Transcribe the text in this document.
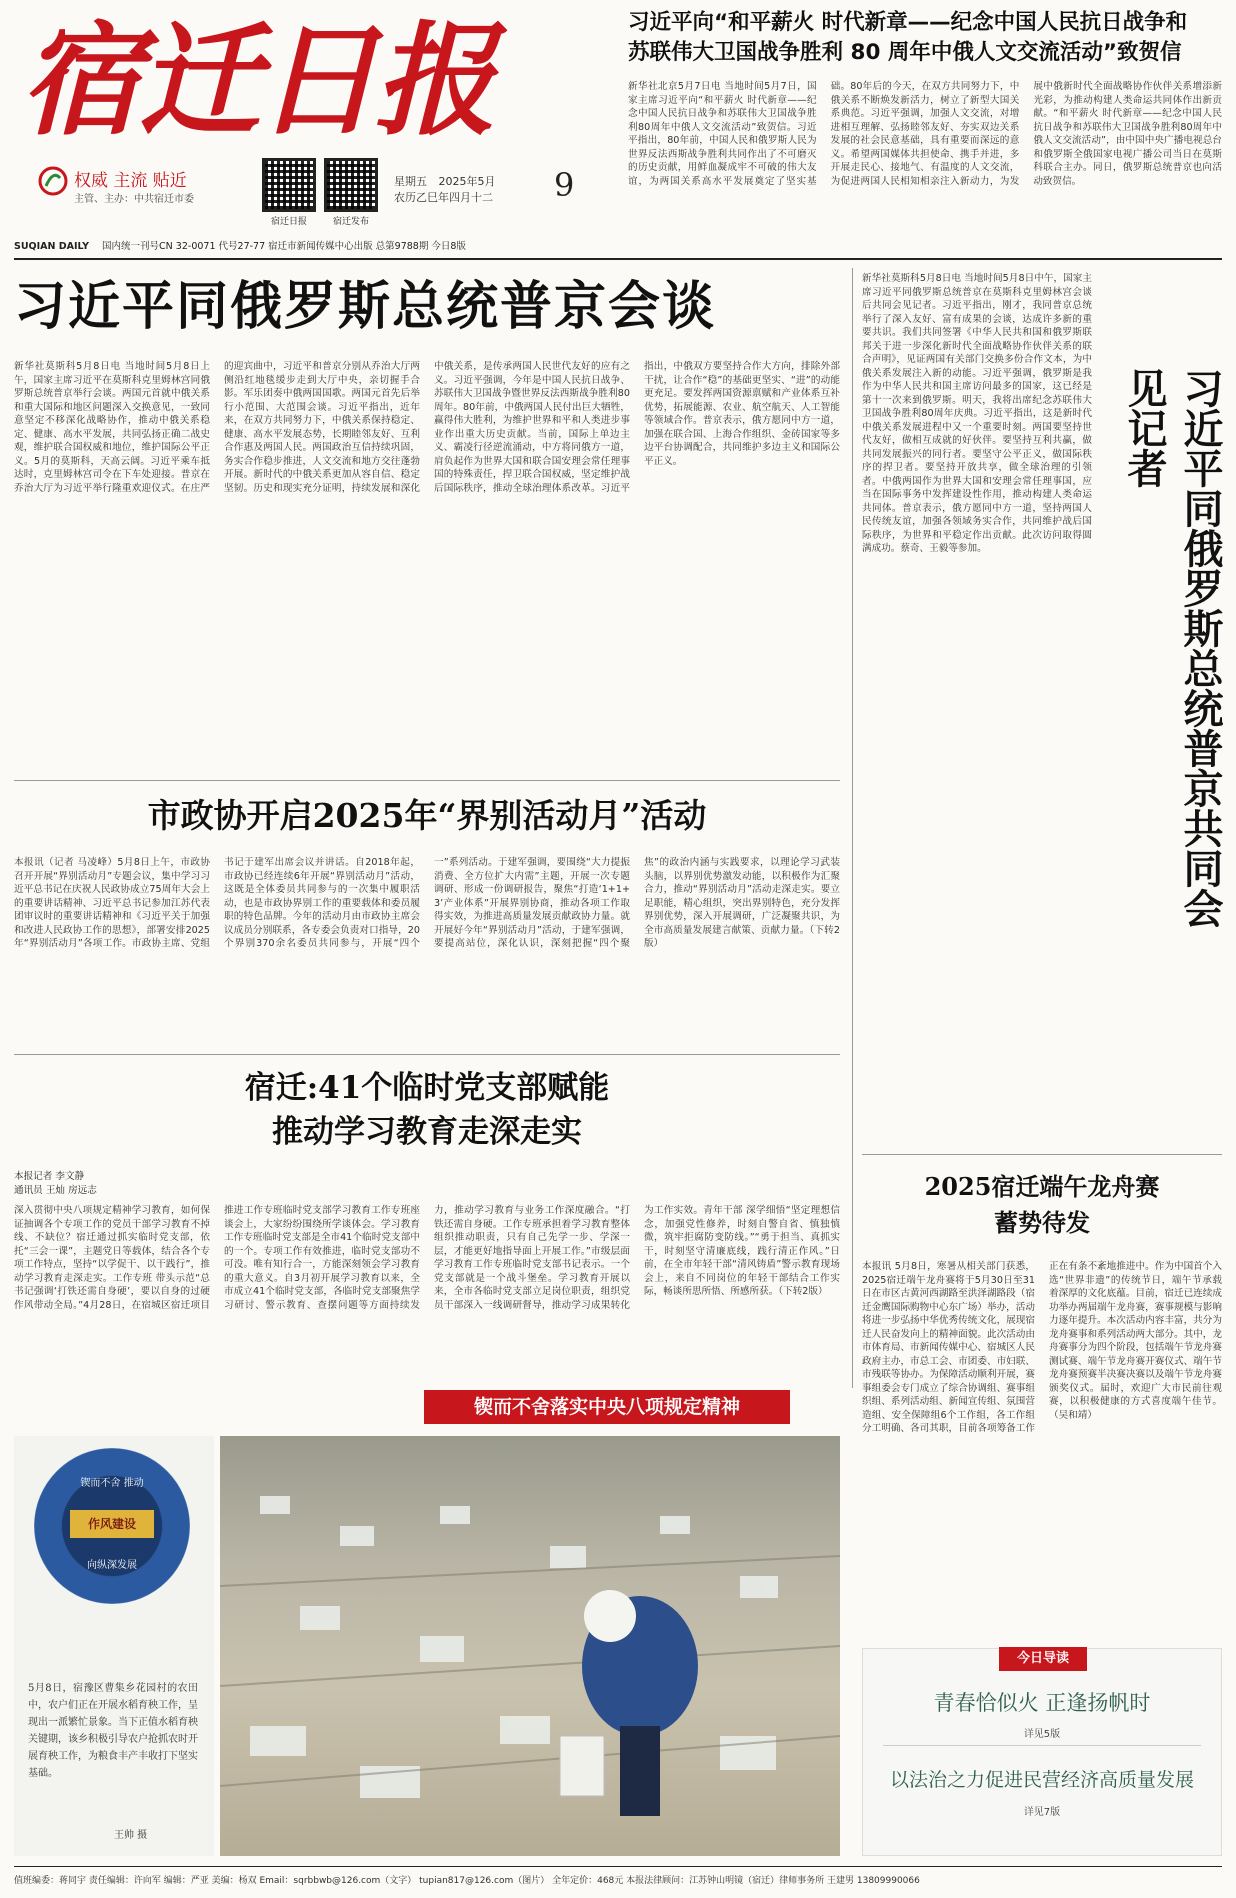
宿迁日报
权威 主流 贴近
主管、主办：中共宿迁市委
宿迁日报	宿迁发布
星期五 2025年5月
农历乙巳年四月十二 9
SUQIAN DAILY 国内统一刊号CN 32-0071 代号27-77 宿迁市新闻传媒中心出版 总第9788期 今日8版
习近平向“和平薪火 时代新章——纪念中国人民抗日战争和
苏联伟大卫国战争胜利 80 周年中俄人文交流活动”致贺信
新华社北京5月7日电 当地时间5月7日，国家主席习近平向“和平薪火 时代新章——纪念中国人民抗日战争和苏联伟大卫国战争胜利80周年中俄人文交流活动”致贺信。习近平指出，80年前，中国人民和俄罗斯人民为世界反法西斯战争胜利共同作出了不可磨灭的历史贡献，用鲜血凝成牢不可破的伟大友谊，为两国关系高水平发展奠定了坚实基础。80年后的今天，在双方共同努力下，中俄关系不断焕发新活力，树立了新型大国关系典范。习近平强调，加强人文交流，对增进相互理解、弘扬睦邻友好、夯实双边关系发展的社会民意基础，具有重要而深远的意义。希望两国媒体共担使命、携手并进，多开展走民心、接地气、有温度的人文交流，为促进两国人民相知相亲注入新动力，为发展中俄新时代全面战略协作伙伴关系增添新光彩，为推动构建人类命运共同体作出新贡献。“和平薪火 时代新章——纪念中国人民抗日战争和苏联伟大卫国战争胜利80周年中俄人文交流活动”，由中国中央广播电视总台和俄罗斯全俄国家电视广播公司当日在莫斯科联合主办。同日，俄罗斯总统普京也向活动致贺信。
习近平同俄罗斯总统普京会谈
新华社莫斯科5月8日电 当地时间5月8日上午，国家主席习近平在莫斯科克里姆林宫同俄罗斯总统普京举行会谈。两国元首就中俄关系和重大国际和地区问题深入交换意见，一致同意坚定不移深化战略协作，推动中俄关系稳定、健康、高水平发展，共同弘扬正确二战史观，维护联合国权威和地位，维护国际公平正义。5月的莫斯科，天高云阔。习近平乘车抵达时，克里姆林宫司令在下车处迎接。普京在乔治大厅为习近平举行隆重欢迎仪式。在庄严的迎宾曲中，习近平和普京分别从乔治大厅两侧沿红地毯缓步走到大厅中央，亲切握手合影。军乐团奏中俄两国国歌。两国元首先后举行小范围、大范围会谈。习近平指出，近年来，在双方共同努力下，中俄关系保持稳定、健康、高水平发展态势，长期睦邻友好、互利合作惠及两国人民。两国政治互信持续巩固，务实合作稳步推进，人文交流和地方交往蓬勃开展。新时代的中俄关系更加从容自信、稳定坚韧。历史和现实充分证明，持续发展和深化中俄关系，是传承两国人民世代友好的应有之义。习近平强调，今年是中国人民抗日战争、苏联伟大卫国战争暨世界反法西斯战争胜利80周年。80年前，中俄两国人民付出巨大牺牲，赢得伟大胜利，为维护世界和平和人类进步事业作出重大历史贡献。当前，国际上单边主义、霸凌行径逆流涌动，中方将同俄方一道，肩负起作为世界大国和联合国安理会常任理事国的特殊责任，捍卫联合国权威，坚定维护战后国际秩序，推动全球治理体系改革。习近平指出，中俄双方要坚持合作大方向，排除外部干扰，让合作“稳”的基础更坚实、“进”的动能更充足。要发挥两国资源禀赋和产业体系互补优势，拓展能源、农业、航空航天、人工智能等领域合作。普京表示，俄方愿同中方一道，加强在联合国、上海合作组织、金砖国家等多边平台协调配合，共同维护多边主义和国际公平正义。
新华社莫斯科5月8日电 当地时间5月8日中午，国家主席习近平同俄罗斯总统普京在莫斯科克里姆林宫会谈后共同会见记者。习近平指出，刚才，我同普京总统举行了深入友好、富有成果的会谈，达成许多新的重要共识。我们共同签署《中华人民共和国和俄罗斯联邦关于进一步深化新时代全面战略协作伙伴关系的联合声明》，见证两国有关部门交换多份合作文本，为中俄关系发展注入新的动能。习近平强调，俄罗斯是我作为中华人民共和国主席访问最多的国家，这已经是第十一次来到俄罗斯。明天，我将出席纪念苏联伟大卫国战争胜利80周年庆典。习近平指出，这是新时代中俄关系发展进程中又一个重要时刻。两国要坚持世代友好，做相互成就的好伙伴。要坚持互利共赢，做共同发展振兴的同行者。要坚守公平正义，做国际秩序的捍卫者。要坚持开放共享，做全球治理的引领者。中俄两国作为世界大国和安理会常任理事国，应当在国际事务中发挥建设性作用，推动构建人类命运共同体。普京表示，俄方愿同中方一道，坚持两国人民传统友谊，加强各领域务实合作，共同维护战后国际秩序，为世界和平稳定作出贡献。此次访问取得圆满成功。蔡奇、王毅等参加。	习近平同俄罗斯总统普京共同会见记者
市政协开启2025年“界别活动月”活动
本报讯（记者 马凌峰）5月8日上午，市政协召开开展“界别活动月”专题会议，集中学习习近平总书记在庆祝人民政协成立75周年大会上的重要讲话精神、习近平总书记参加江苏代表团审议时的重要讲话精神和《习近平关于加强和改进人民政协工作的思想》，部署安排2025年“界别活动月”各项工作。市政协主席、党组书记于建军出席会议并讲话。自2018年起，市政协已经连续6年开展“界别活动月”活动，这既是全体委员共同参与的一次集中履职活动，也是市政协界别工作的重要载体和委员履职的特色品牌。今年的活动月由市政协主席会议成员分别联系，各专委会负责对口指导，20个界别370余名委员共同参与，开展“四个一”系列活动。于建军强调，要围绕“大力提振消费、全方位扩大内需”主题，开展一次专题调研、形成一份调研报告，聚焦“打造‘1+1+3’产业体系”开展界别协商，推动各项工作取得实效，为推进高质量发展贡献政协力量。就开展好今年“界别活动月”活动，于建军强调，要提高站位，深化认识，深刻把握“四个聚焦”的政治内涵与实践要求，以理论学习武装头脑，以界别优势激发动能，以积极作为汇聚合力，推动“界别活动月”活动走深走实。要立足职能，精心组织，突出界别特色，充分发挥界别优势，深入开展调研，广泛凝聚共识，为全市高质量发展建言献策、贡献力量。（下转2版）
宿迁:41个临时党支部赋能
推动学习教育走深走实
本报记者 李文静
通讯员 王灿 房远志
深入贯彻中央八项规定精神学习教育，如何保证抽调各个专项工作的党员干部学习教育不掉线、不缺位？宿迁通过抓实临时党支部，依托“三会一课”，主题党日等载体，结合各个专项工作特点，坚持“以学促干、以干践行”，推动学习教育走深走实。工作专班 带头示范“总书记强调‘打铁还需自身硬’，要以自身的过硬作风带动全局。”4月28日，在宿城区宿迁项目推进工作专班临时党支部学习教育工作专班座谈会上，大家纷纷围绕所学谈体会。学习教育工作专班临时党支部是全市41个临时党支部中的一个。专项工作有效推进，临时党支部功不可没。唯有知行合一，方能深刻领会学习教育的重大意义。自3月初开展学习教育以来，全市成立41个临时党支部，各临时党支部聚焦学习研讨、警示教育、查摆问题等方面持续发力，推动学习教育与业务工作深度融合。“打铁还需自身硬。工作专班承担着学习教育整体组织推动职责，只有自己先学一步、学深一层，才能更好地指导面上开展工作。”市级层面学习教育工作专班临时党支部书记表示。一个党支部就是一个战斗堡垒。学习教育开展以来，全市各临时党支部立足岗位职责，组织党员干部深入一线调研督导，推动学习成果转化为工作实效。青年干部 深学细悟“坚定理想信念，加强党性修养，时刻自警自省、慎独慎微，筑牢拒腐防变防线。”“勇于担当、真抓实干，时刻坚守清廉底线，践行清正作风。”日前，在全市年轻干部“清风铸盾”警示教育现场会上，来自不同岗位的年轻干部结合工作实际，畅谈所思所悟、所感所获。（下转2版）
锲而不舍落实中央八项规定精神
2025宿迁端午龙舟赛
蓄势待发
本报讯 5月8日，寒暑从相关部门获悉，2025宿迁端午龙舟赛将于5月30日至31日在市区古黄河西湖路至洪泽湖路段（宿迁金鹰国际购物中心东广场）举办，活动将进一步弘扬中华优秀传统文化，展现宿迁人民奋发向上的精神面貌。此次活动由市体育局、市新闻传媒中心、宿城区人民政府主办，市总工会、市团委、市妇联、市残联等协办。为保障活动顺利开展，赛事组委会专门成立了综合协调组、赛事组织组、系列活动组、新闻宣传组、氛围营造组、安全保障组6个工作组，各工作组分工明确、各司其职，目前各项筹备工作正在有条不紊地推进中。作为中国首个入选“世界非遗”的传统节日，端午节承载着深厚的文化底蕴。目前，宿迁已连续成功举办两届端午龙舟赛，赛事规模与影响力逐年提升。本次活动内容丰富，共分为龙舟赛事和系列活动两大部分。其中，龙舟赛事分为四个阶段，包括端午节龙舟赛测试赛、端午节龙舟赛开赛仪式、端午节龙舟赛预赛半决赛决赛以及端午节龙舟赛颁奖仪式。届时，欢迎广大市民前往观赛，以积极健康的方式喜度端午佳节。（吴和靖）
锲而不舍 推动
作风建设
向纵深发展
5月8日，宿豫区曹集乡花园村的农田中，农户们正在开展水稻育秧工作，呈现出一派繁忙景象。当下正值水稻育秧关键期，该乡积极引导农户抢抓农时开展育秧工作，为粮食丰产丰收打下坚实基础。
王帅 摄
今日导读
青春恰似火 正逢扬帆时
详见5版
以法治之力促进民营经济高质量发展
详见7版
值班编委：蒋同宇 责任编辑：许向军 编辑：严亚 美编：杨双 Email：sqrbbwb@126.com（文字） tupian817@126.com（图片） 全年定价：468元 本报法律顾问：江苏钟山明镜（宿迁）律师事务所 王建男 13809990066
